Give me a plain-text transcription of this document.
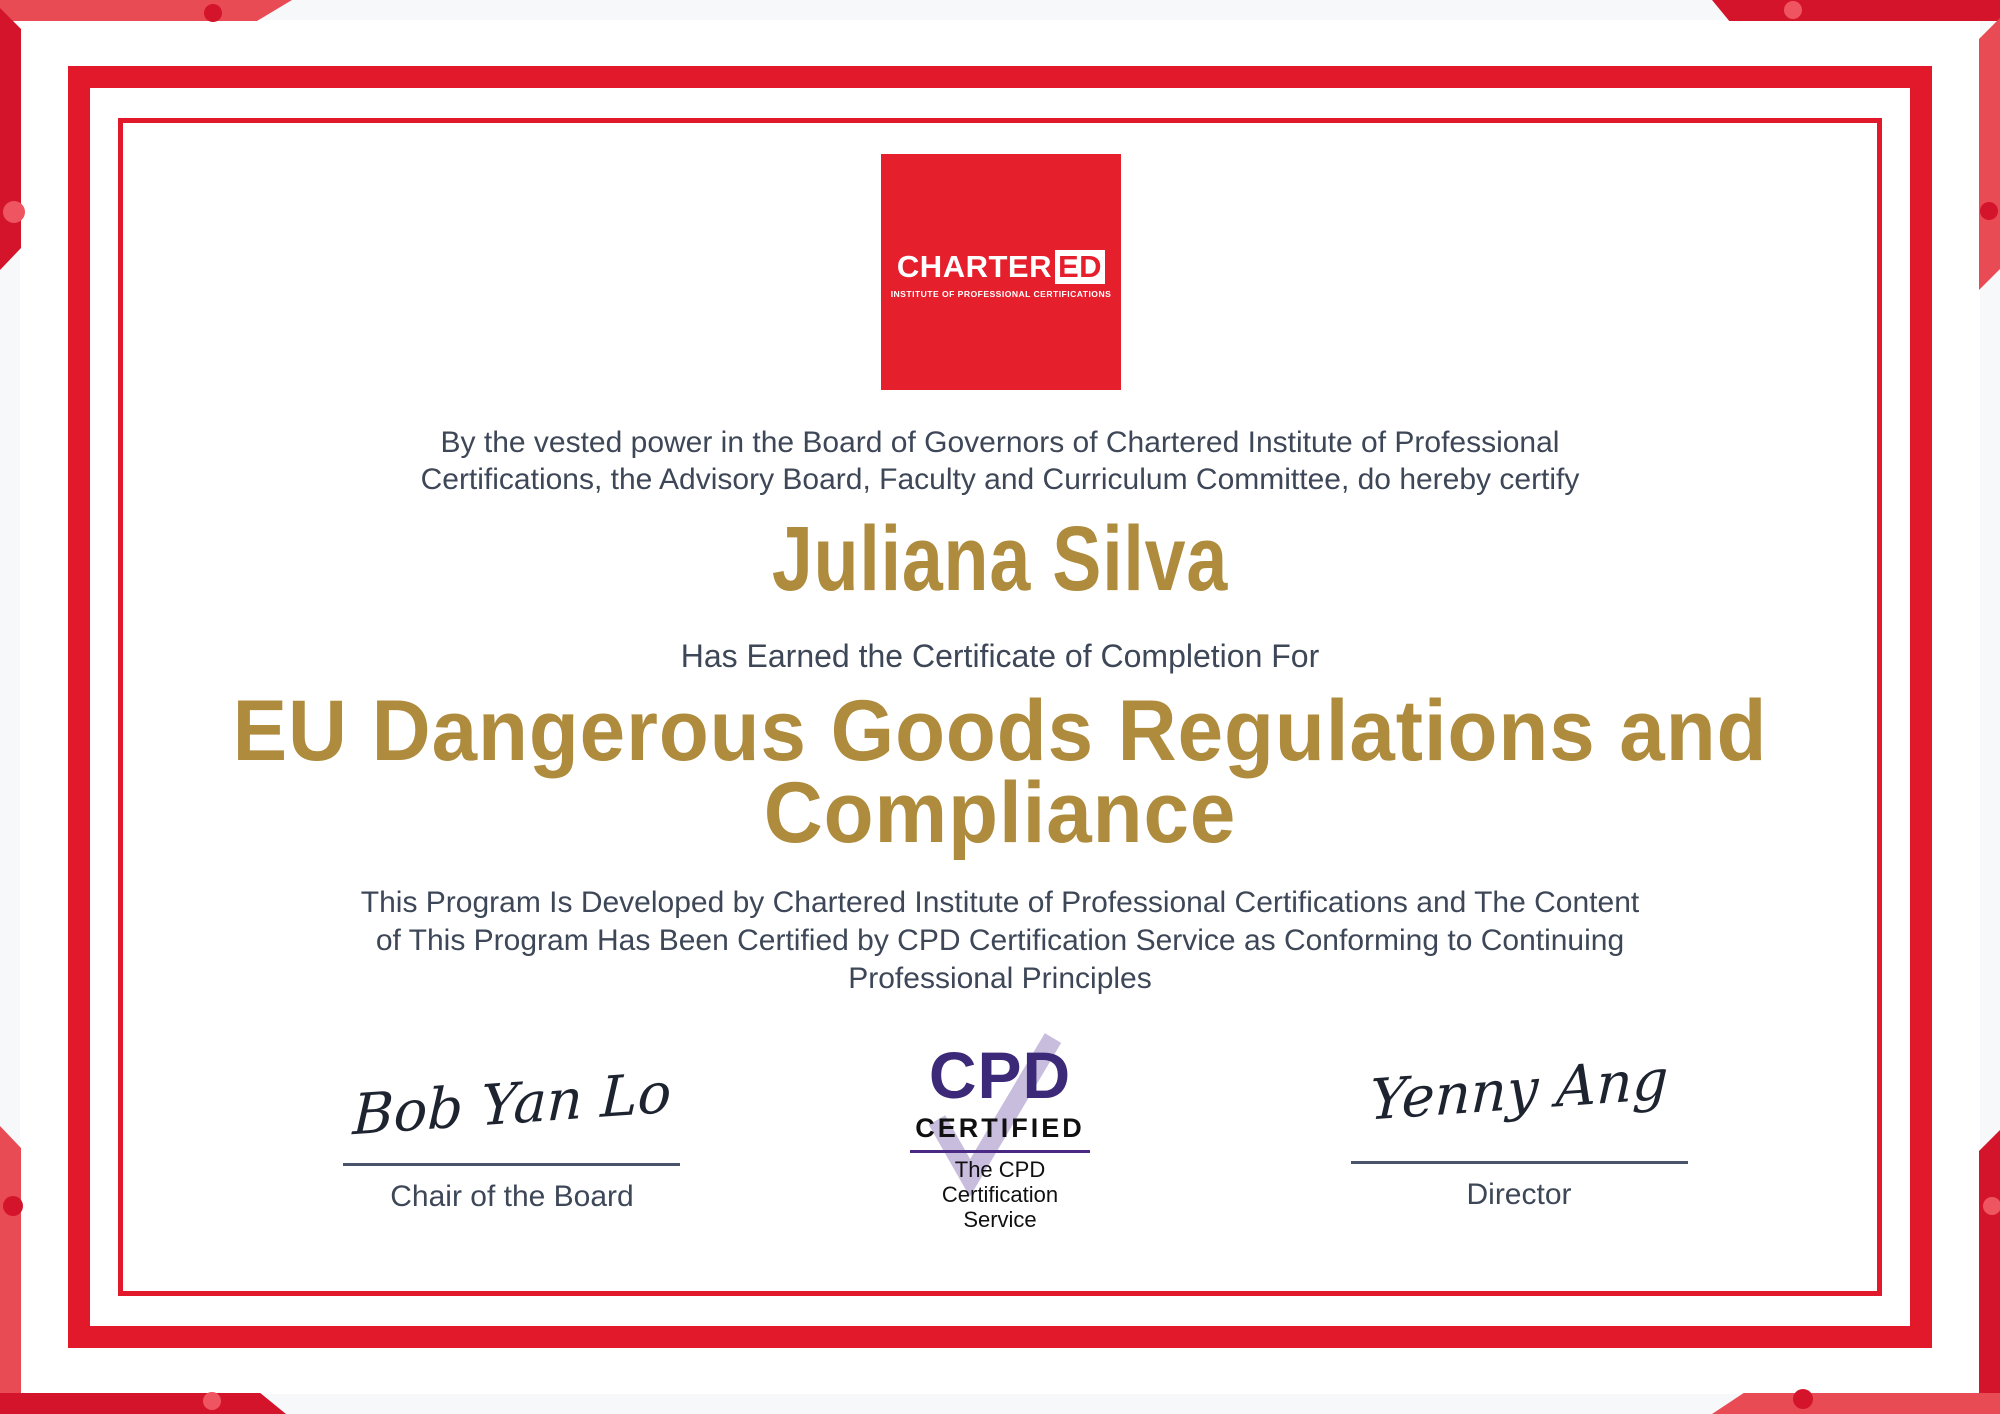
CHARTER ED
INSTITUTE OF PROFESSIONAL CERTIFICATIONS
By the vested power in the Board of Governors of Chartered Institute of Professional
Certifications, the Advisory Board, Faculty and Curriculum Committee, do hereby certify
Juliana Silva
Has Earned the Certificate of Completion For
EU Dangerous Goods Regulations and
Compliance
This Program Is Developed by Chartered Institute of Professional Certifications and The Content
of This Program Has Been Certified by CPD Certification Service as Conforming to Continuing
Professional Principles
Bob Yan Lo
Chair of the Board
CPD
CERTIFIED
The CPD Certification
Service
Yenny Ang
Director
